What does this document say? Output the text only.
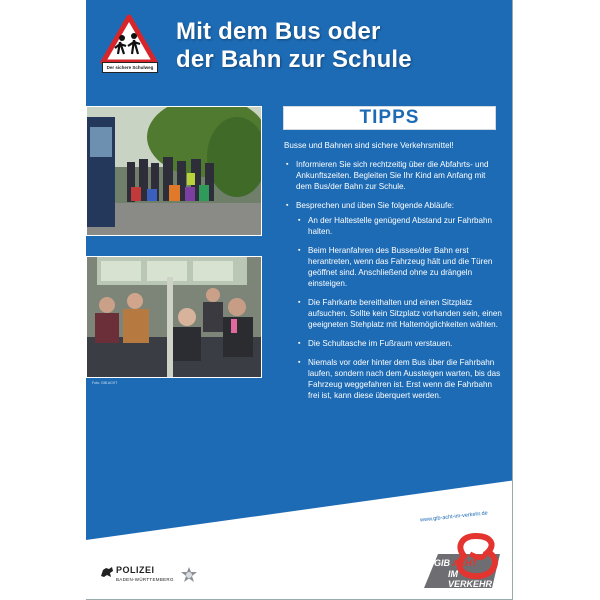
Der sichere Schulweg
Mit dem Bus oder
der Bahn zur Schule
Foto: GIB ACHT
TIPPS

Busse und Bahnen sind sichere Verkehrsmittel!

▪ Informieren Sie sich rechtzeitig über die Abfahrts- und Ankunftszeiten. Begleiten Sie Ihr Kind am Anfang mit dem Bus/der Bahn zur Schule.
▪ Besprechen und üben Sie folgende Abläufe:
▪ An der Haltestelle genügend Abstand zur Fahrbahn halten.
▪ Beim Heranfahren des Busses/der Bahn erst herantreten, wenn das Fahrzeug hält und die Türen geöffnet sind. Anschließend ohne zu drängeln einsteigen.
▪ Die Fahrkarte bereithalten und einen Sitzplatz aufsuchen. Sollte kein Sitzplatz vorhanden sein, einen geeigneten Stehplatz mit Haltemöglichkeiten wählen.
▪ Die Schultasche im Fußraum verstauen.
▪ Niemals vor oder hinter dem Bus über die Fahrbahn laufen, sondern nach dem Aussteigen warten, bis das Fahrzeug weggefahren ist. Erst wenn die Fahrbahn frei ist, kann diese überquert werden.
www.gib-acht-im-verkehr.de
POLIZEI
BADEN-WÜRTTEMBERG
GIB ACHT
IM VERKEHR
